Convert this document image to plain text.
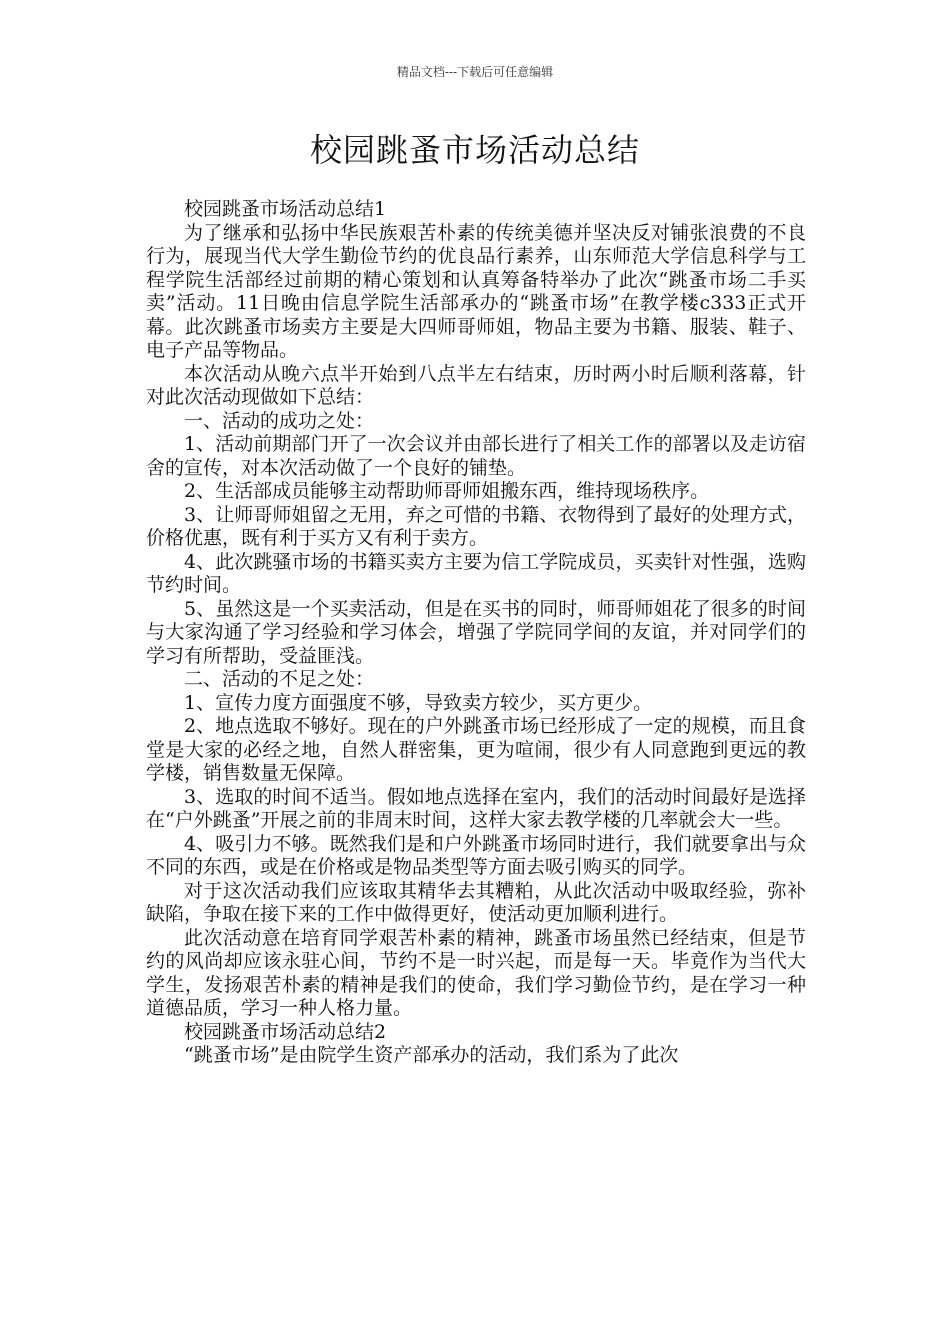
精品文档---下载后可任意编辑
校园跳蚤市场活动总结

校园跳蚤市场活动总结1

为了继承和弘扬中华民族艰苦朴素的传统美德并坚决反对铺张浪费的不良行为，展现当代大学生勤俭节约的优良品行素养，山东师范大学信息科学与工程学院生活部经过前期的精心策划和认真筹备特举办了此次“跳蚤市场二手买卖”活动。11日晚由信息学院生活部承办的“跳蚤市场”在教学楼c333正式开幕。此次跳蚤市场卖方主要是大四师哥师姐，物品主要为书籍、服装、鞋子、电子产品等物品。

本次活动从晚六点半开始到八点半左右结束，历时两小时后顺利落幕，针对此次活动现做如下总结：

一、活动的成功之处：

1、活动前期部门开了一次会议并由部长进行了相关工作的部署以及走访宿舍的宣传，对本次活动做了一个良好的铺垫。

2、生活部成员能够主动帮助师哥师姐搬东西，维持现场秩序。

3、让师哥师姐留之无用，弃之可惜的书籍、衣物得到了最好的处理方式，价格优惠，既有利于买方又有利于卖方。

4、此次跳骚市场的书籍买卖方主要为信工学院成员，买卖针对性强，选购节约时间。

5、虽然这是一个买卖活动，但是在买书的同时，师哥师姐花了很多的时间与大家沟通了学习经验和学习体会，增强了学院同学间的友谊，并对同学们的学习有所帮助，受益匪浅。

二、活动的不足之处：

1、宣传力度方面强度不够，导致卖方较少，买方更少。

2、地点选取不够好。现在的户外跳蚤市场已经形成了一定的规模，而且食堂是大家的必经之地，自然人群密集，更为喧闹，很少有人同意跑到更远的教学楼，销售数量无保障。

3、选取的时间不适当。假如地点选择在室内，我们的活动时间最好是选择在“户外跳蚤”开展之前的非周末时间，这样大家去教学楼的几率就会大一些。

4、吸引力不够。既然我们是和户外跳蚤市场同时进行，我们就要拿出与众不同的东西，或是在价格或是物品类型等方面去吸引购买的同学。

对于这次活动我们应该取其精华去其糟粕，从此次活动中吸取经验，弥补缺陷，争取在接下来的工作中做得更好，使活动更加顺利进行。

此次活动意在培育同学艰苦朴素的精神，跳蚤市场虽然已经结束，但是节约的风尚却应该永驻心间，节约不是一时兴起，而是每一天。毕竟作为当代大学生，发扬艰苦朴素的精神是我们的使命，我们学习勤俭节约，是在学习一种道德品质，学习一种人格力量。

校园跳蚤市场活动总结2

“跳蚤市场”是由院学生资产部承办的活动，我们系为了此次
